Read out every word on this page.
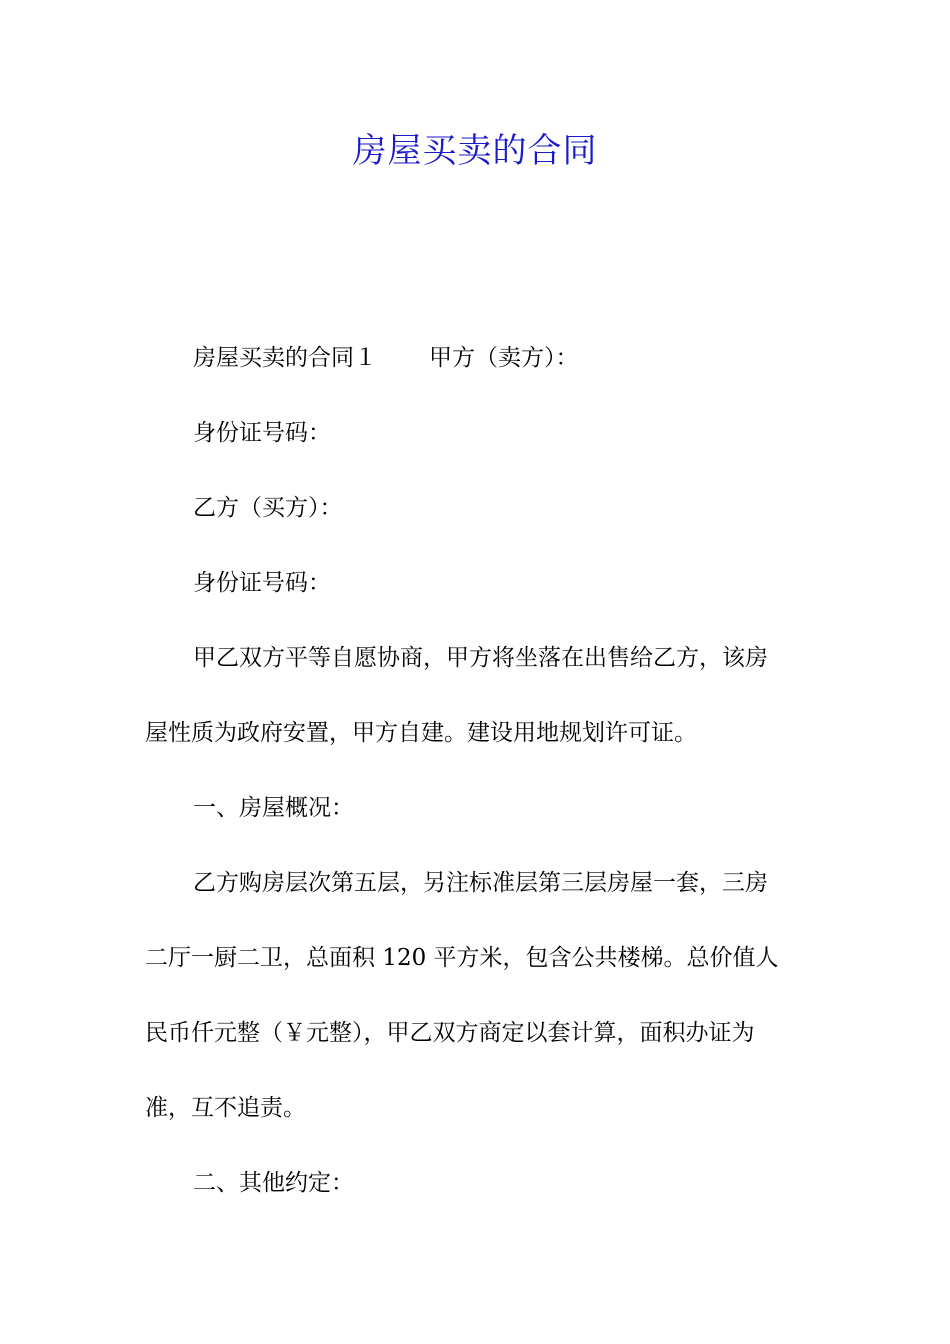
房屋买卖的合同
房屋买卖的合同１ 甲方（卖方）：
身份证号码：
乙方（买方）：
身份证号码：
甲乙双方平等自愿协商，甲方将坐落在出售给乙方，该房
屋性质为政府安置，甲方自建。建设用地规划许可证。
一、房屋概况：
乙方购房层次第五层，另注标准层第三层房屋一套，三房
二厅一厨二卫，总面积 120 平方米，包含公共楼梯。总价值人
民币仟元整（￥元整），甲乙双方商定以套计算，面积办证为
准，互不追责。
二、其他约定：
